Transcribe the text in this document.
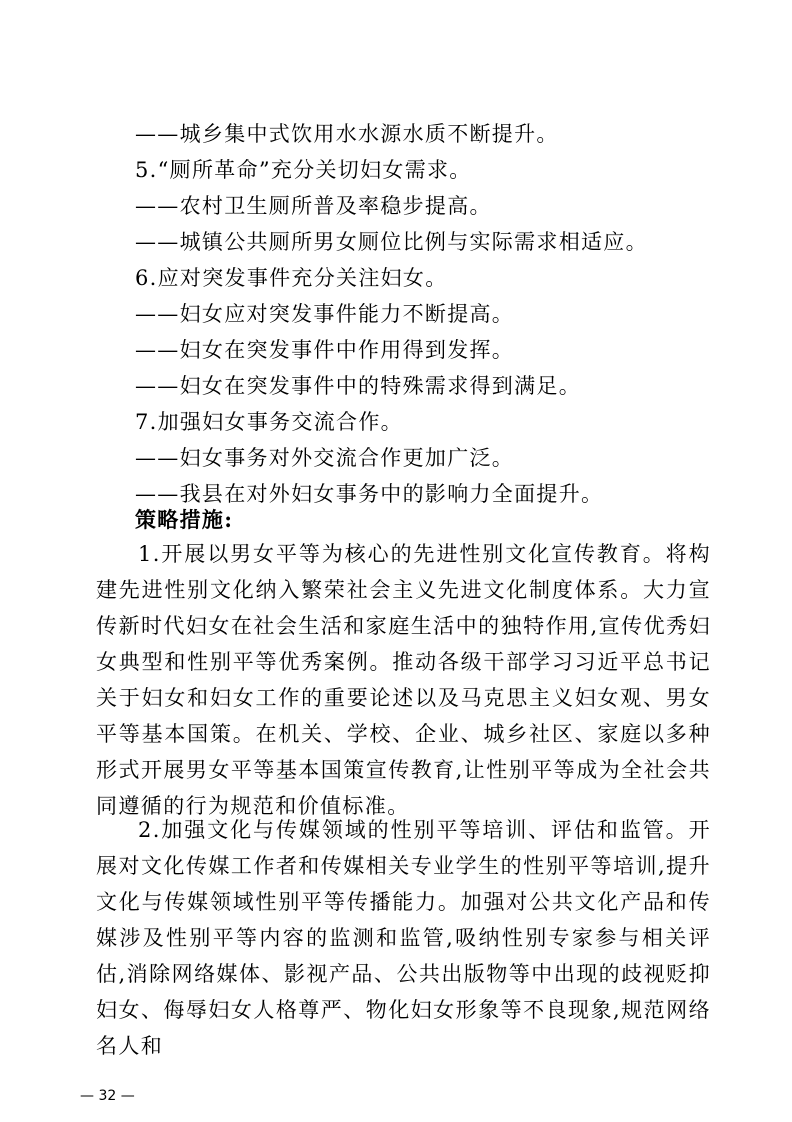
——城乡集中式饮用水水源水质不断提升。
5.“厕所革命”充分关切妇女需求。
——农村卫生厕所普及率稳步提高。
——城镇公共厕所男女厕位比例与实际需求相适应。
6.应对突发事件充分关注妇女。
——妇女应对突发事件能力不断提高。
——妇女在突发事件中作用得到发挥。
——妇女在突发事件中的特殊需求得到满足。
7.加强妇女事务交流合作。
——妇女事务对外交流合作更加广泛。
——我县在对外妇女事务中的影响力全面提升。
策略措施:
1.开展以男女平等为核心的先进性别文化宣传教育。将构建先进性别文化纳入繁荣社会主义先进文化制度体系。大力宣传新时代妇女在社会生活和家庭生活中的独特作用,宣传优秀妇女典型和性别平等优秀案例。推动各级干部学习习近平总书记关于妇女和妇女工作的重要论述以及马克思主义妇女观、男女平等基本国策。在机关、学校、企业、城乡社区、家庭以多种形式开展男女平等基本国策宣传教育,让性别平等成为全社会共同遵循的行为规范和价值标准。
2.加强文化与传媒领域的性别平等培训、评估和监管。开展对文化传媒工作者和传媒相关专业学生的性别平等培训,提升文化与传媒领域性别平等传播能力。加强对公共文化产品和传媒涉及性别平等内容的监测和监管,吸纳性别专家参与相关评估,消除网络媒体、影视产品、公共出版物等中出现的歧视贬抑妇女、侮辱妇女人格尊严、物化妇女形象等不良现象,规范网络名人和
— 32 —
